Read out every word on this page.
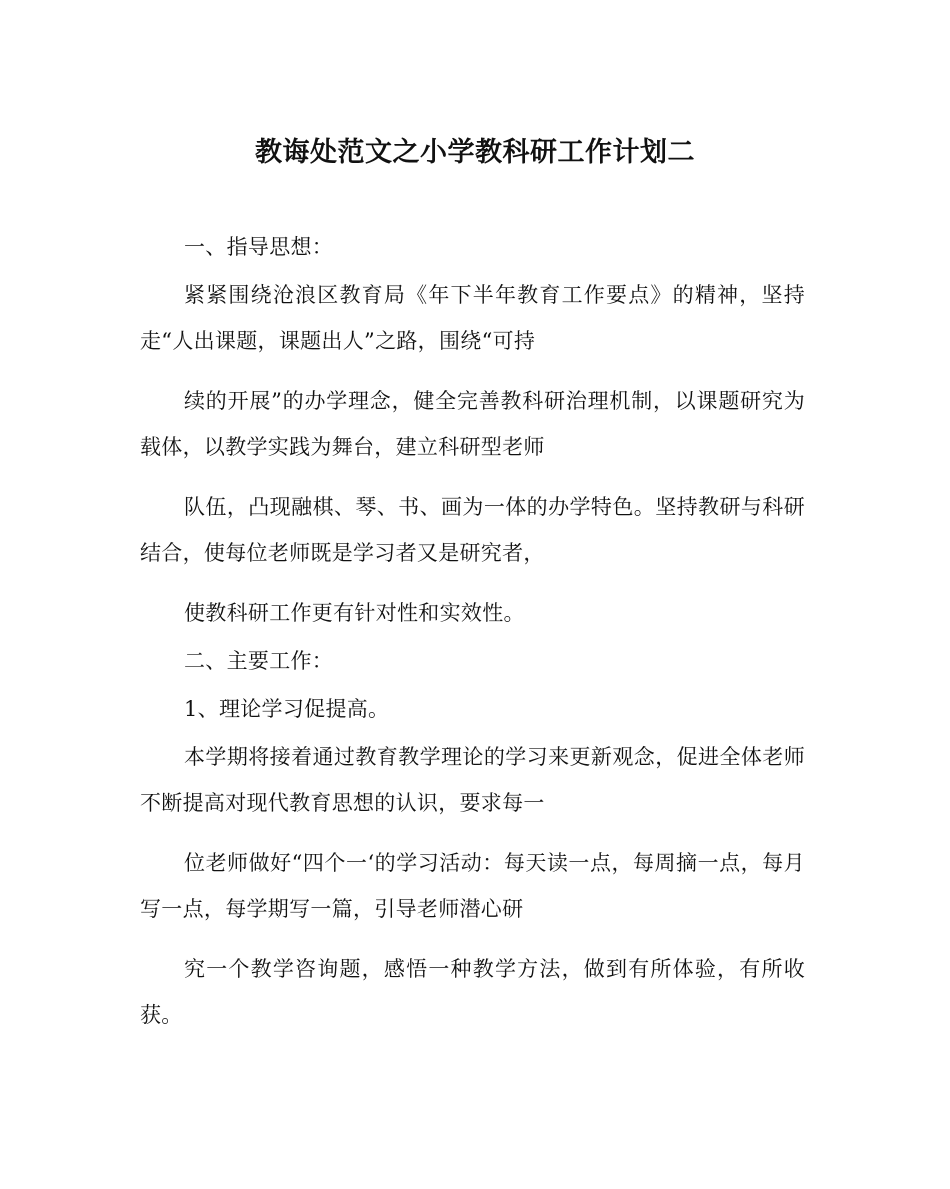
教诲处范文之小学教科研工作计划二

一、指导思想：

紧紧围绕沧浪区教育局《年下半年教育工作要点》的精神，坚持走“人出课题，课题出人”之路，围绕“可持

续的开展”的办学理念，健全完善教科研治理机制，以课题研究为载体，以教学实践为舞台，建立科研型老师

队伍，凸现融棋、琴、书、画为一体的办学特色。坚持教研与科研结合，使每位老师既是学习者又是研究者，

使教科研工作更有针对性和实效性。

二、主要工作：

1、理论学习促提高。

本学期将接着通过教育教学理论的学习来更新观念，促进全体老师不断提高对现代教育思想的认识，要求每一

位老师做好“四个一‘的学习活动：每天读一点，每周摘一点，每月写一点，每学期写一篇，引导老师潜心研

究一个教学咨询题，感悟一种教学方法，做到有所体验，有所收获。
